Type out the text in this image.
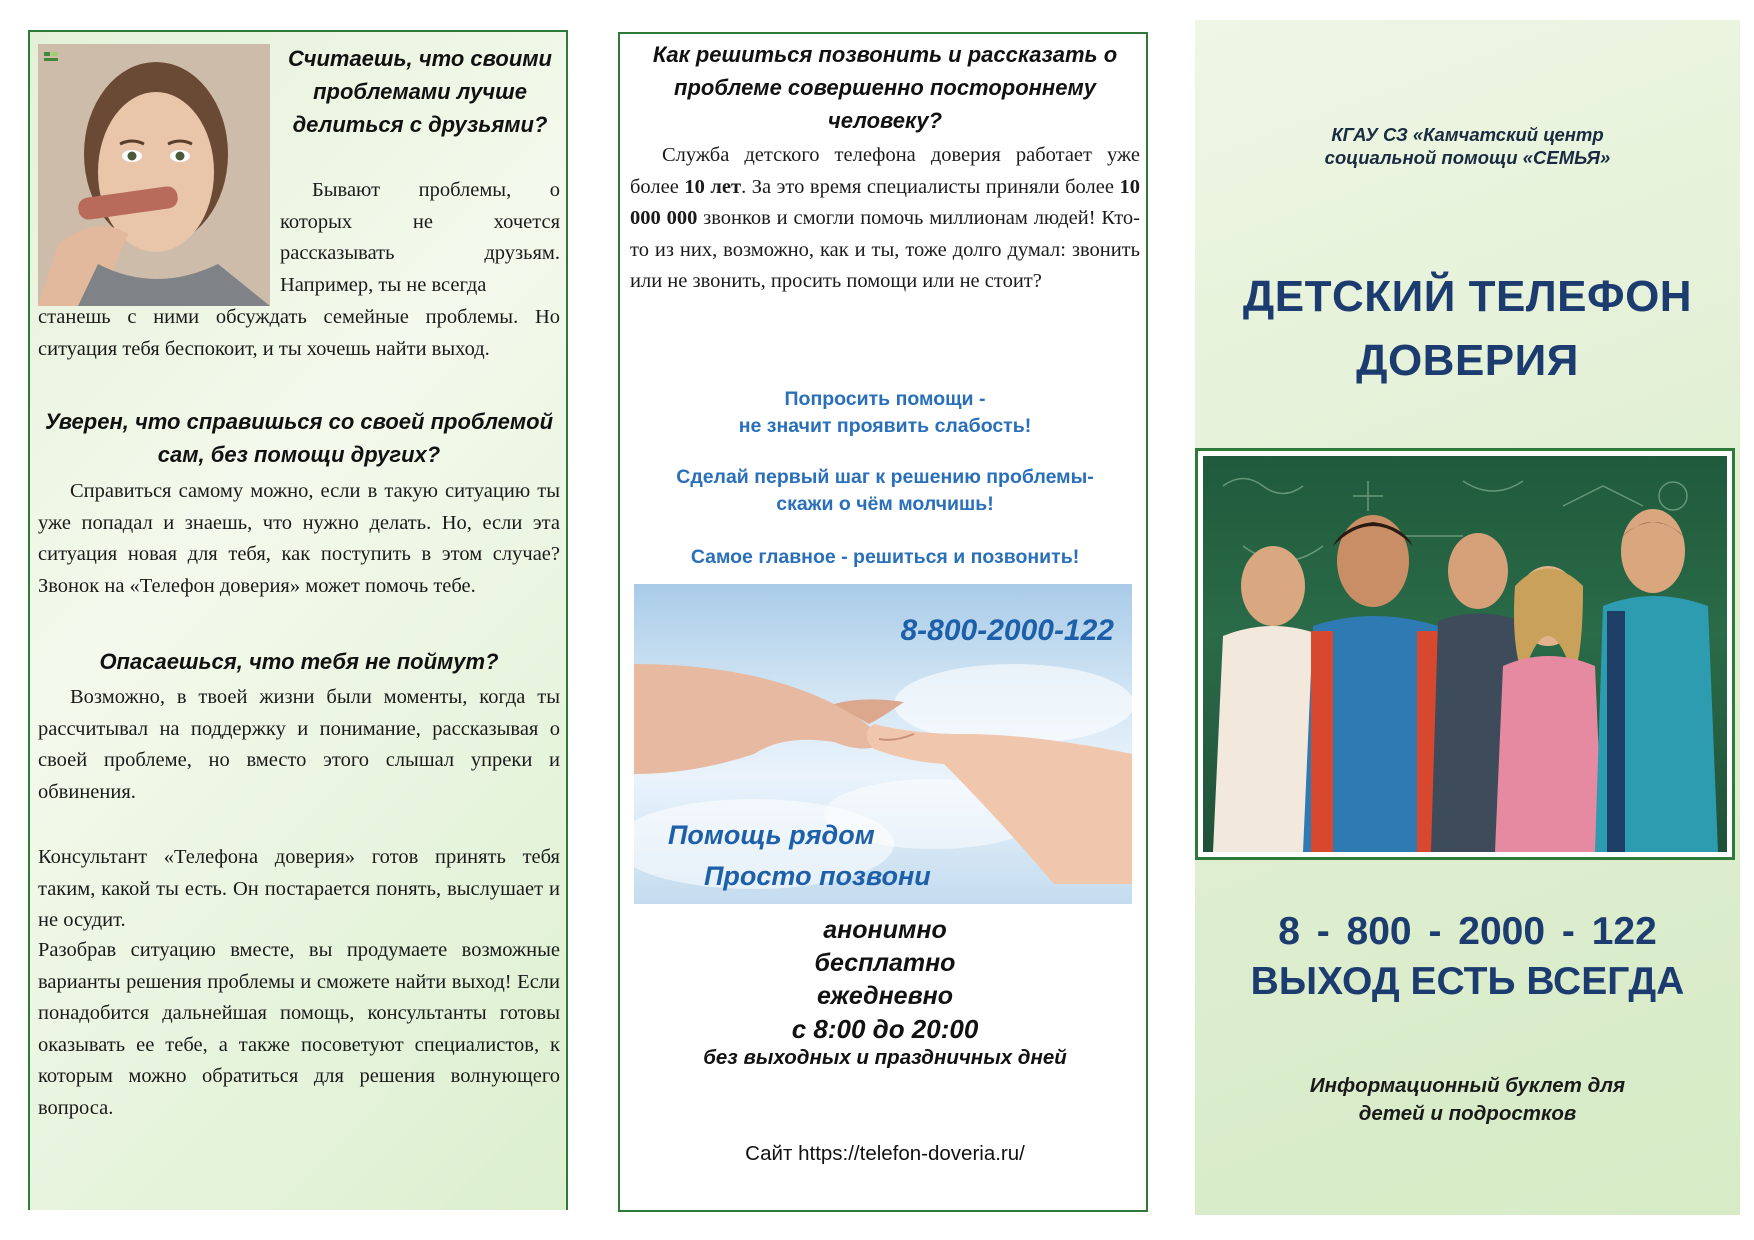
Считаешь, что своими проблемами лучше делиться с друзьями?
Бывают проблемы, о которых не хочется рассказывать друзьям. Например, ты не всегда
станешь с ними обсуждать семейные проблемы. Но ситуация тебя беспокоит, и ты хочешь найти выход.
Уверен, что справишься со своей проблемой сам, без помощи других?
Справиться самому можно, если в такую ситуацию ты уже попадал и знаешь, что нужно делать. Но, если эта ситуация новая для тебя, как поступить в этом случае? Звонок на «Телефон доверия» может помочь тебе.
Опасаешься, что тебя не поймут?
Возможно, в твоей жизни были моменты, когда ты рассчитывал на поддержку и понимание, рассказывая о своей проблеме, но вместо этого слышал упреки и обвинения.
Консультант «Телефона доверия» готов принять тебя таким, какой ты есть. Он постарается понять, выслушает и не осудит.
Разобрав ситуацию вместе, вы продумаете возможные варианты решения проблемы и сможете найти выход! Если понадобится дальнейшая помощь, консультанты готовы оказывать ее тебе, а также посоветуют специалистов, к которым можно обратиться для решения волнующего вопроса.
Как решиться позвонить и рассказать о проблеме совершенно постороннему человеку?
Служба детского телефона доверия работает уже более 10 лет. За это время специалисты приняли более 10 000 000 звонков и смогли помочь миллионам людей! Кто-то из них, возможно, как и ты, тоже долго думал: звонить или не звонить, просить помощи или не стоит?
Попросить помощи -
не значит проявить слабость!
Сделай первый шаг к решению проблемы-
скажи о чём молчишь!
Самое главное - решиться и позвонить!
8-800-2000-122
Помощь рядом
Просто позвони
анонимно
бесплатно
ежедневно
с 8:00 до 20:00
без выходных и праздничных дней
Сайт https://telefon-doveria.ru/
КГАУ СЗ «Камчатский центр
социальной помощи «СЕМЬЯ»
ДЕТСКИЙ ТЕЛЕФОН
ДОВЕРИЯ
8 - 800 - 2000 - 122
ВЫХОД ЕСТЬ ВСЕГДА
Информационный буклет для
детей и подростков
